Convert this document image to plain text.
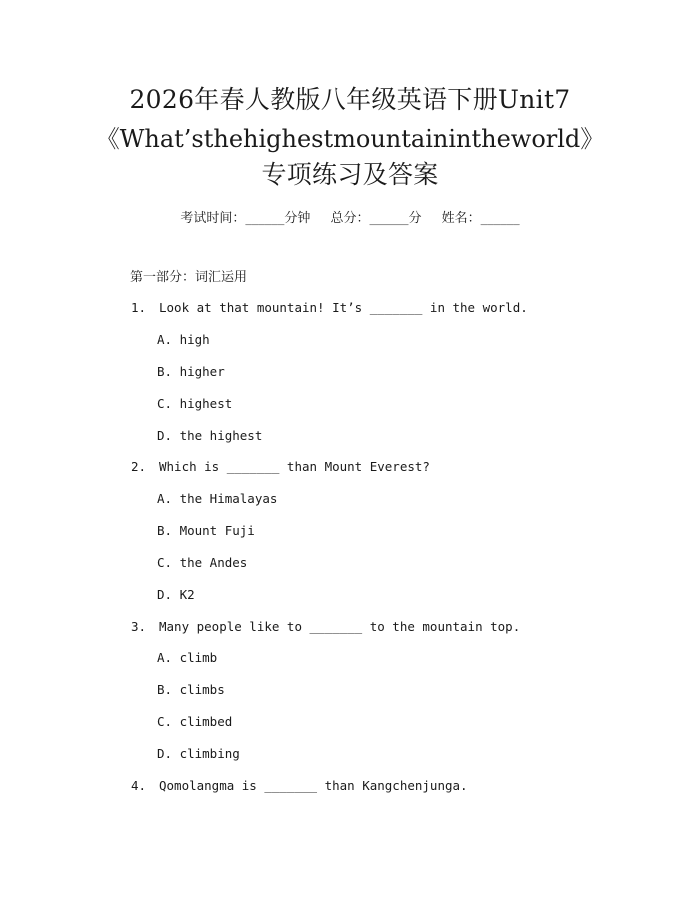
2026年春人教版八年级英语下册Unit7
《What’sthehighestmountainintheworld》
专项练习及答案
考试时间：______分钟 总分：______分 姓名：______
第一部分：词汇运用
1. Look at that mountain! It’s _______ in the world.
A. high
B. higher
C. highest
D. the highest
2. Which is _______ than Mount Everest?
A. the Himalayas
B. Mount Fuji
C. the Andes
D. K2
3. Many people like to _______ to the mountain top.
A. climb
B. climbs
C. climbed
D. climbing
4. Qomolangma is _______ than Kangchenjunga.
